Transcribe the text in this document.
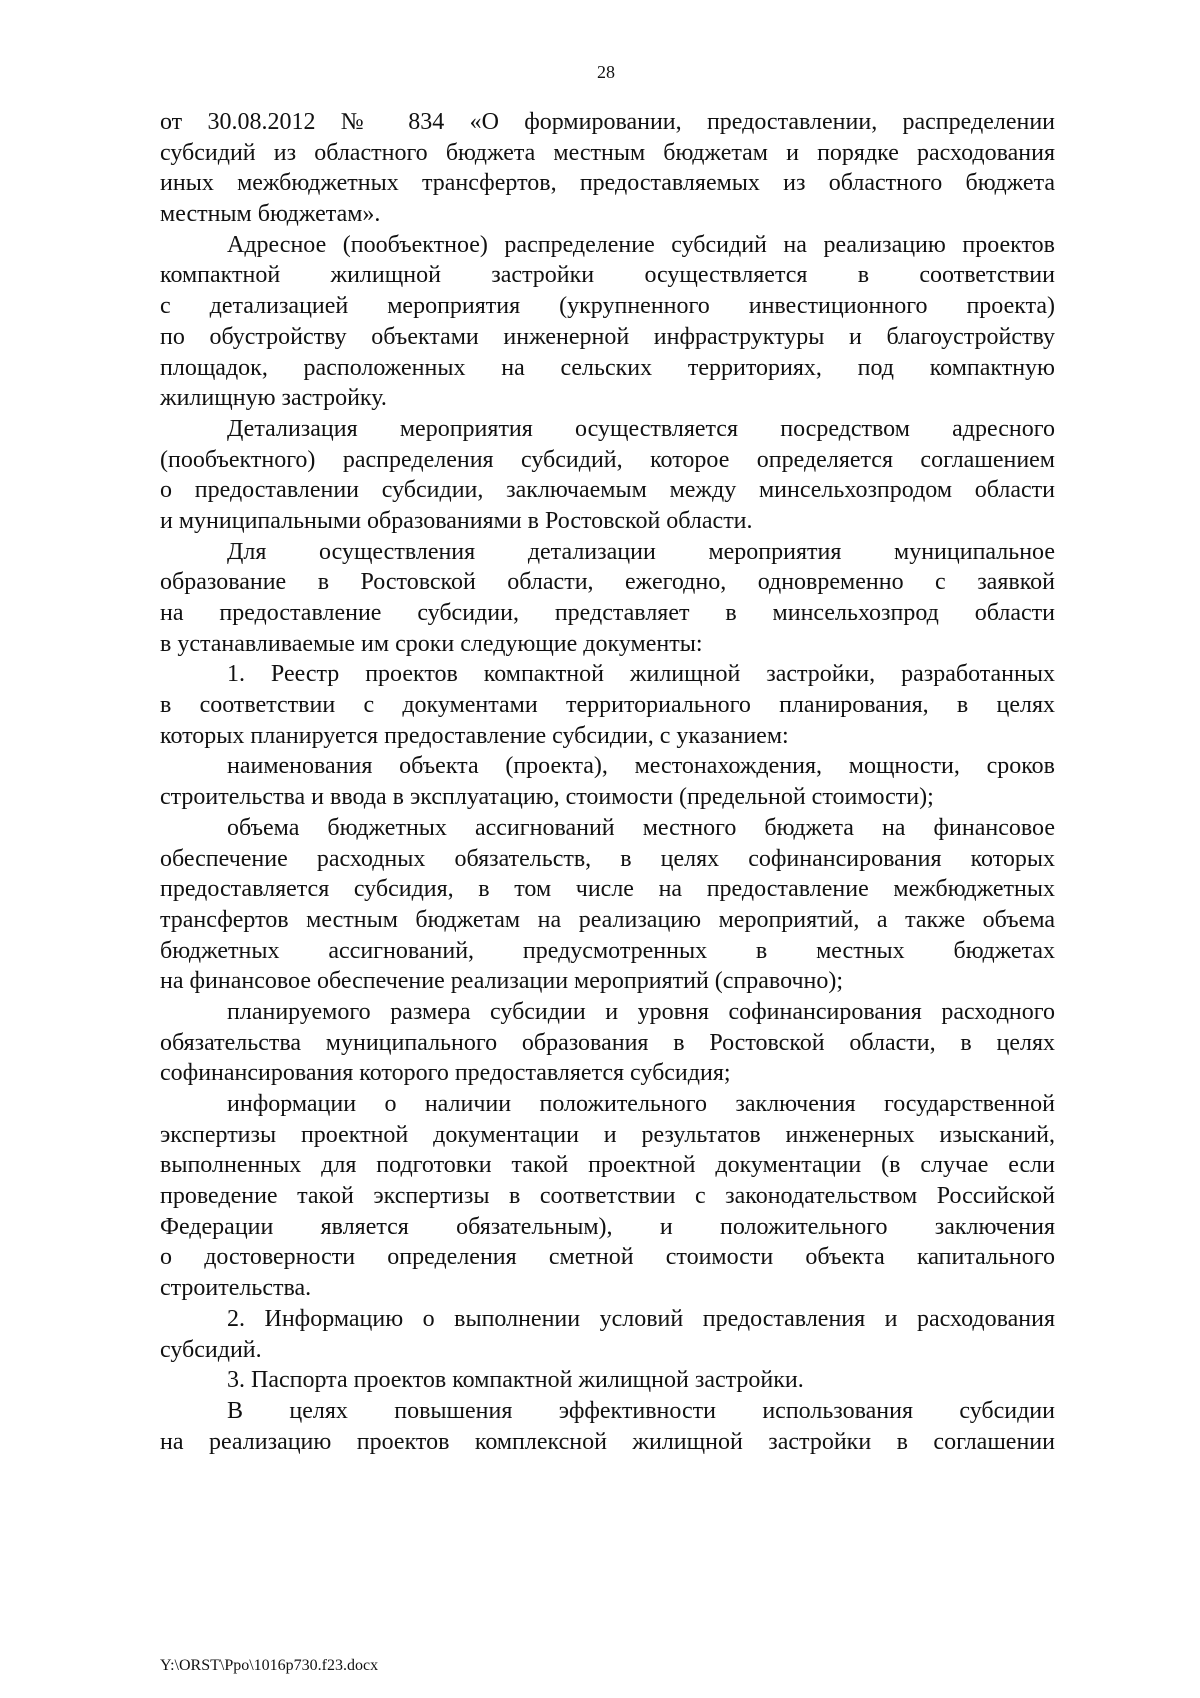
28
от 30.08.2012 № 834 «О формировании, предоставлении, распределении
субсидий из областного бюджета местным бюджетам и порядке расходования
иных межбюджетных трансфертов, предоставляемых из областного бюджета
местным бюджетам».
Адресное (пообъектное) распределение субсидий на реализацию проектов
компактной жилищной застройки осуществляется в соответствии
с детализацией мероприятия (укрупненного инвестиционного проекта)
по обустройству объектами инженерной инфраструктуры и благоустройству
площадок, расположенных на сельских территориях, под компактную
жилищную застройку.
Детализация мероприятия осуществляется посредством адресного
(пообъектного) распределения субсидий, которое определяется соглашением
о предоставлении субсидии, заключаемым между минсельхозпродом области
и муниципальными образованиями в Ростовской области.
Для осуществления детализации мероприятия муниципальное
образование в Ростовской области, ежегодно, одновременно с заявкой
на предоставление субсидии, представляет в минсельхозпрод области
в устанавливаемые им сроки следующие документы:
1. Реестр проектов компактной жилищной застройки, разработанных
в соответствии с документами территориального планирования, в целях
которых планируется предоставление субсидии, с указанием:
наименования объекта (проекта), местонахождения, мощности, сроков
строительства и ввода в эксплуатацию, стоимости (предельной стоимости);
объема бюджетных ассигнований местного бюджета на финансовое
обеспечение расходных обязательств, в целях софинансирования которых
предоставляется субсидия, в том числе на предоставление межбюджетных
трансфертов местным бюджетам на реализацию мероприятий, а также объема
бюджетных ассигнований, предусмотренных в местных бюджетах
на финансовое обеспечение реализации мероприятий (справочно);
планируемого размера субсидии и уровня софинансирования расходного
обязательства муниципального образования в Ростовской области, в целях
софинансирования которого предоставляется субсидия;
информации о наличии положительного заключения государственной
экспертизы проектной документации и результатов инженерных изысканий,
выполненных для подготовки такой проектной документации (в случае если
проведение такой экспертизы в соответствии с законодательством Российской
Федерации является обязательным), и положительного заключения
о достоверности определения сметной стоимости объекта капитального
строительства.
2. Информацию о выполнении условий предоставления и расходования
субсидий.
3. Паспорта проектов компактной жилищной застройки.
В целях повышения эффективности использования субсидии
на реализацию проектов комплексной жилищной застройки в соглашении
Y:\ORST\Ppo\1016p730.f23.docx
